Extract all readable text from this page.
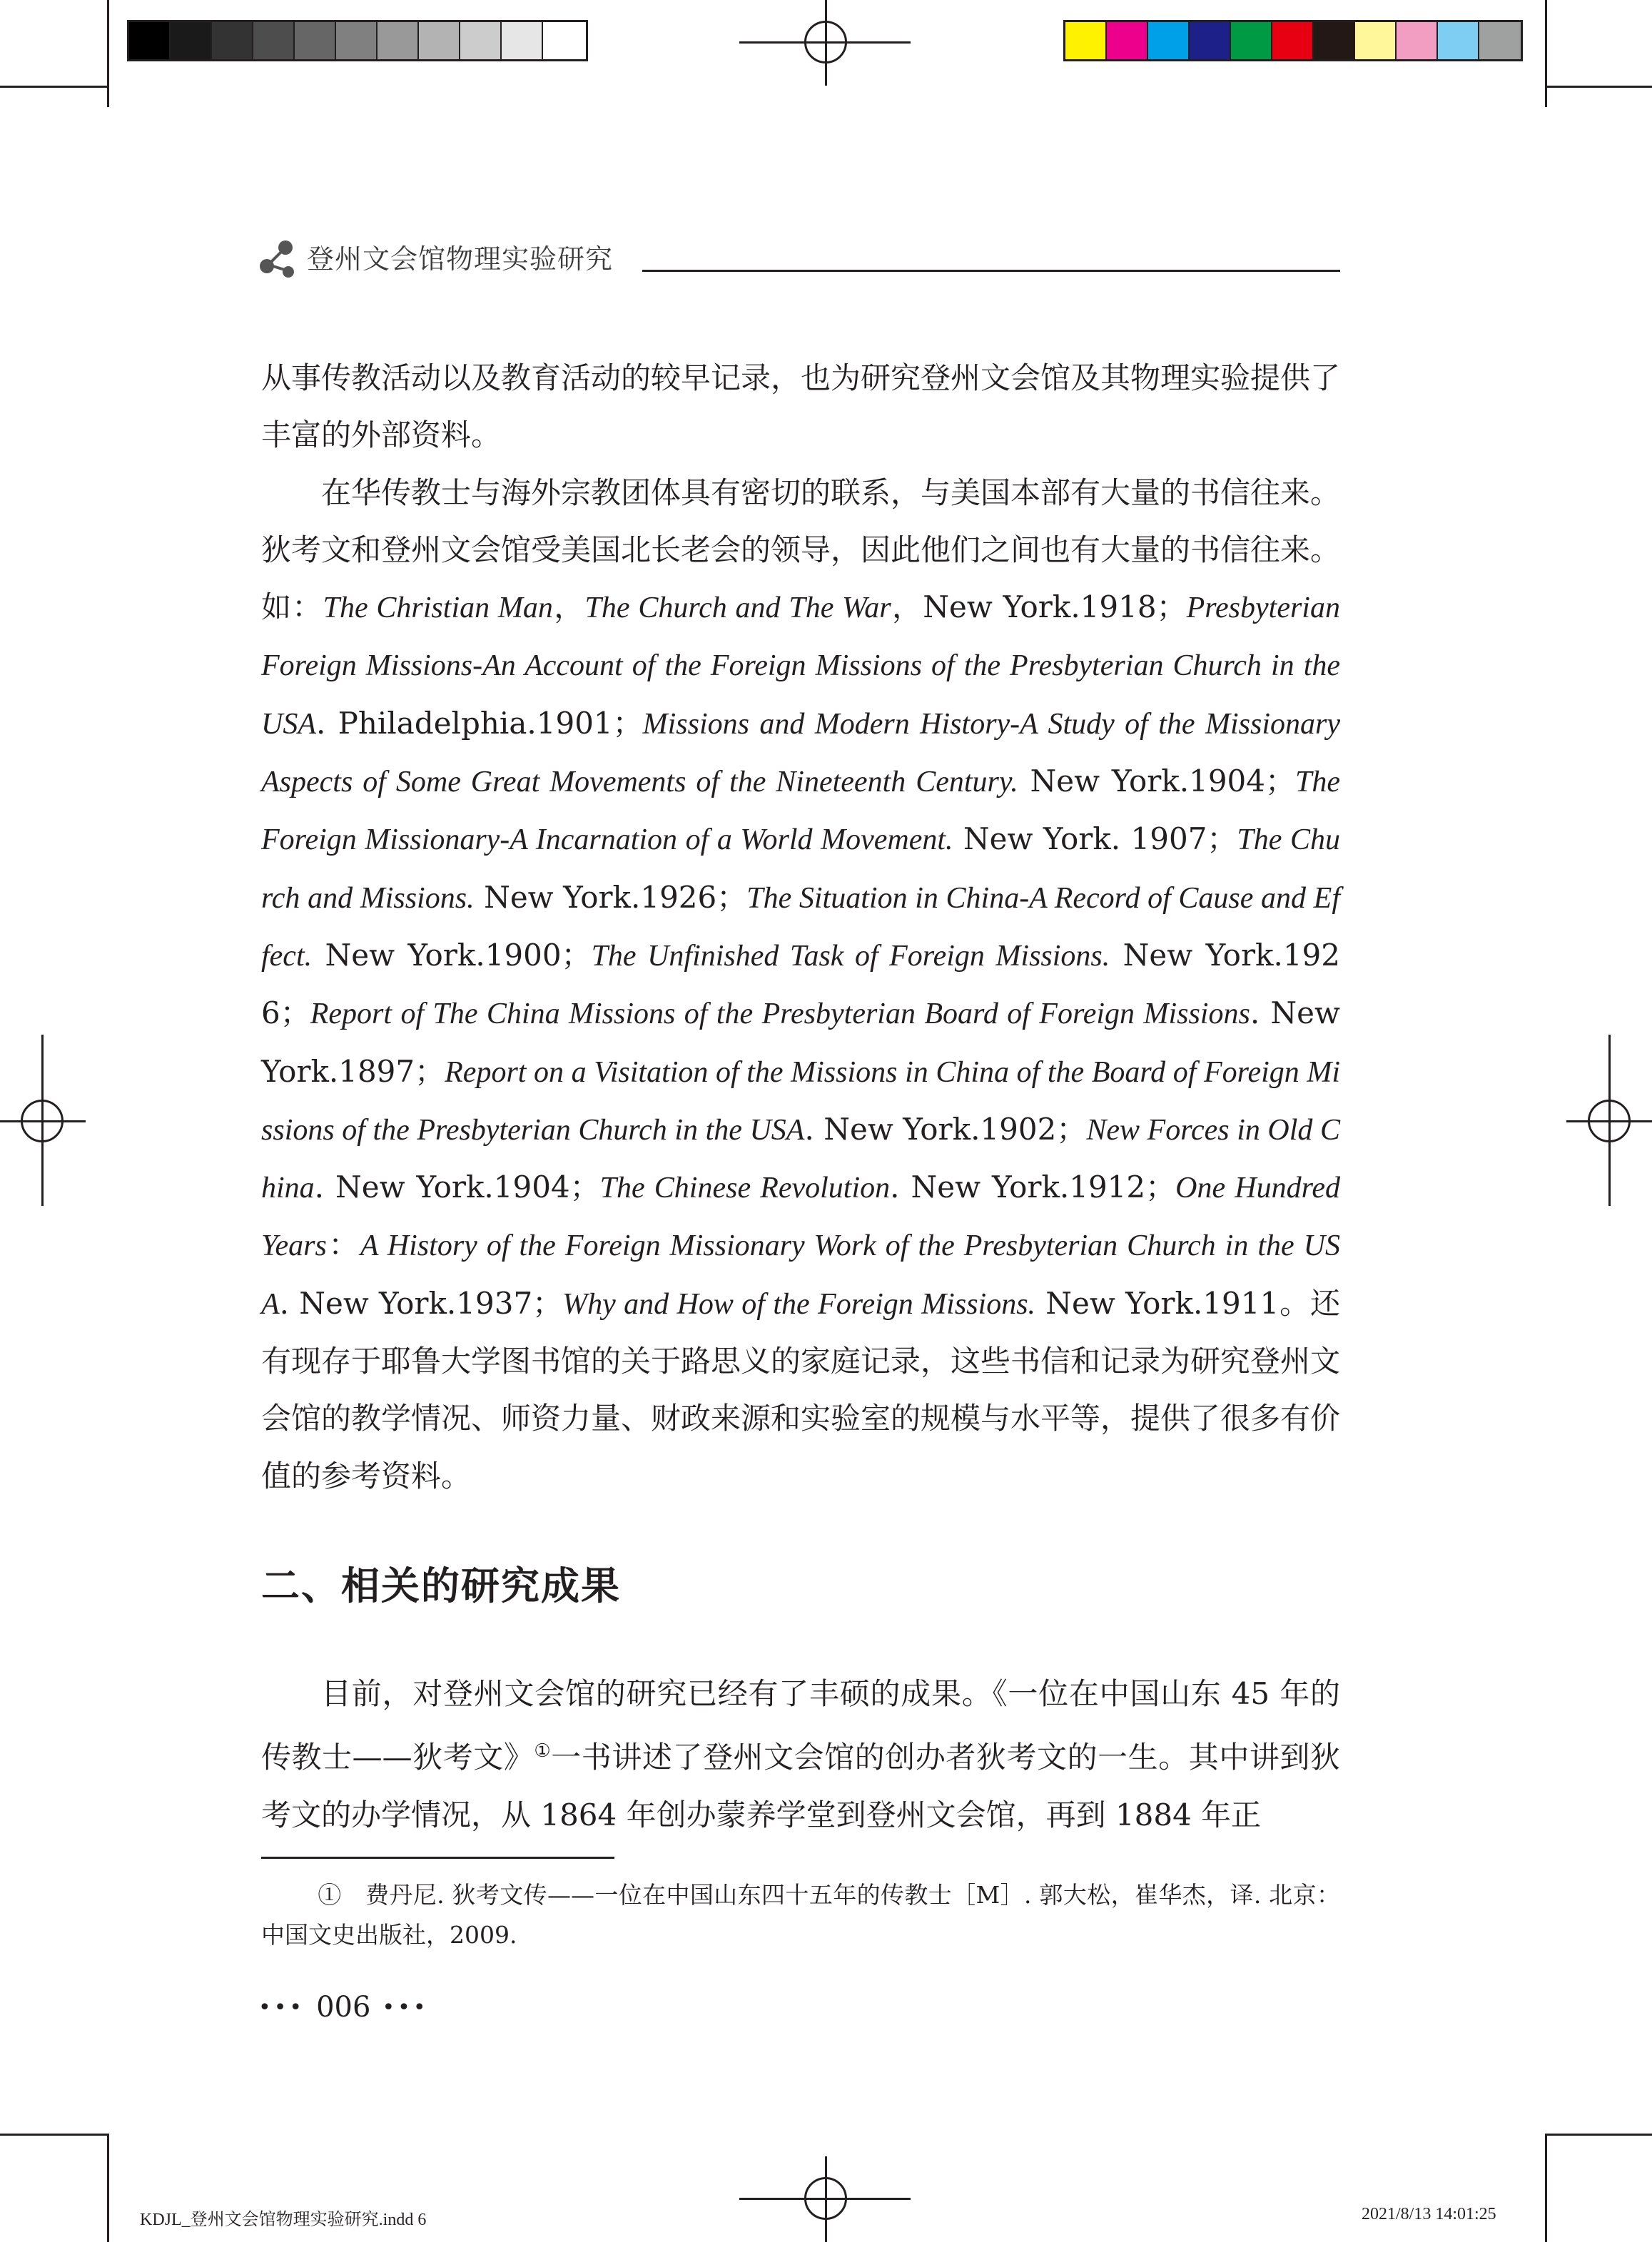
登州文会馆物理实验研究

从事传教活动以及教育活动的较早记录，也为研究登州文会馆及其物理实验提供了丰富的外部资料。

在华传教士与海外宗教团体具有密切的联系，与美国本部有大量的书信往来。狄考文和登州文会馆受美国北长老会的领导，因此他们之间也有大量的书信往来。如：The Christian Man，The Church and The War，New York.1918；Presbyterian Foreign Missions-An Account of the Foreign Missions of the Presbyterian Church in the USA. Philadelphia.1901；Missions and Modern History-A Study of the Missionary Aspects of Some Great Movements of the Nineteenth Century. New York.1904；The Foreign Missionary-A Incarnation of a World Movement. New York. 1907；The Church and Missions. New York.1926；The Situation in China-A Record of Cause and Effect. New York.1900；The Unfinished Task of Foreign Missions. New York.1926；Report of The China Missions of the Presbyterian Board of Foreign Missions. New York.1897；Report on a Visitation of the Missions in China of the Board of Foreign Missions of the Presbyterian Church in the USA. New York.1902；New Forces in Old China. New York.1904；The Chinese Revolution. New York.1912；One Hundred Years：A History of the Foreign Missionary Work of the Presbyterian Church in the USA. New York.1937；Why and How of the Foreign Missions. New York.1911。还有现存于耶鲁大学图书馆的关于路思义的家庭记录，这些书信和记录为研究登州文会馆的教学情况、师资力量、财政来源和实验室的规模与水平等，提供了很多有价值的参考资料。

二、相关的研究成果

目前，对登州文会馆的研究已经有了丰硕的成果。《一位在中国山东 45 年的传教士——狄考文》①一书讲述了登州文会馆的创办者狄考文的一生。其中讲到狄考文的办学情况，从 1864 年创办蒙养学堂到登州文会馆，再到 1884 年正

①　费丹尼. 狄考文传——一位在中国山东四十五年的传教士［M］. 郭大松，崔华杰，译. 北京：中国文史出版社，2009.

••• 006 •••
KDJL_登州文会馆物理实验研究.indd 6	2021/8/13 14:01:25
